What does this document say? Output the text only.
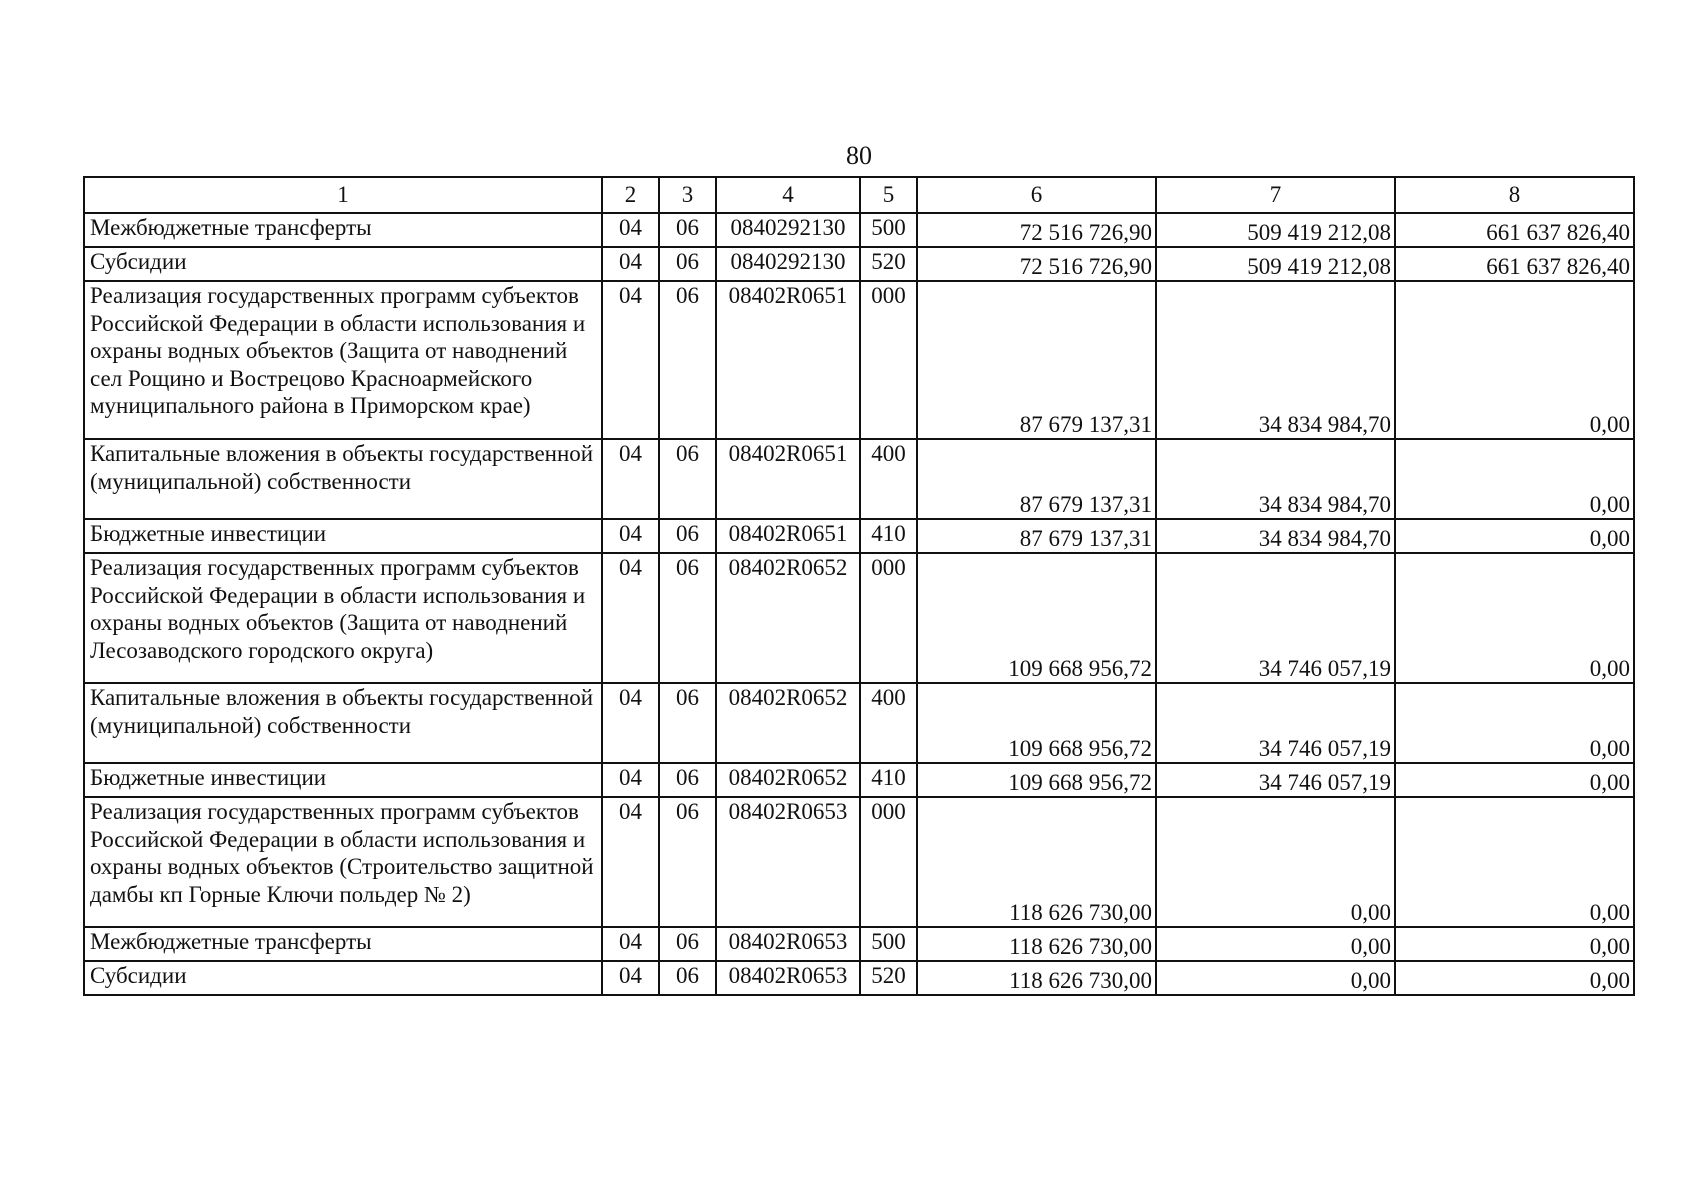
80
1	2	3	4	5	6	7	8
Межбюджетные трансферты	04	06	0840292130	500	72 516 726,90	509 419 212,08	661 637 826,40
Субсидии	04	06	0840292130	520	72 516 726,90	509 419 212,08	661 637 826,40
Реализация государственных программ субъектов Российской Федерации в области использования и охраны водных объектов (Защита от наводнений сел Рощино и Вострецово Красноармейского муниципального района в Приморском крае)	04	06	08402R0651	000	87 679 137,31	34 834 984,70	0,00
Капитальные вложения в объекты государственной (муниципальной) собственности	04	06	08402R0651	400	87 679 137,31	34 834 984,70	0,00
Бюджетные инвестиции	04	06	08402R0651	410	87 679 137,31	34 834 984,70	0,00
Реализация государственных программ субъектов Российской Федерации в области использования и охраны водных объектов (Защита от наводнений Лесозаводского городского округа)	04	06	08402R0652	000	109 668 956,72	34 746 057,19	0,00
Капитальные вложения в объекты государственной (муниципальной) собственности	04	06	08402R0652	400	109 668 956,72	34 746 057,19	0,00
Бюджетные инвестиции	04	06	08402R0652	410	109 668 956,72	34 746 057,19	0,00
Реализация государственных программ субъектов Российской Федерации в области использования и охраны водных объектов (Строительство защитной дамбы кп Горные Ключи польдер № 2)	04	06	08402R0653	000	118 626 730,00	0,00	0,00
Межбюджетные трансферты	04	06	08402R0653	500	118 626 730,00	0,00	0,00
Субсидии	04	06	08402R0653	520	118 626 730,00	0,00	0,00
